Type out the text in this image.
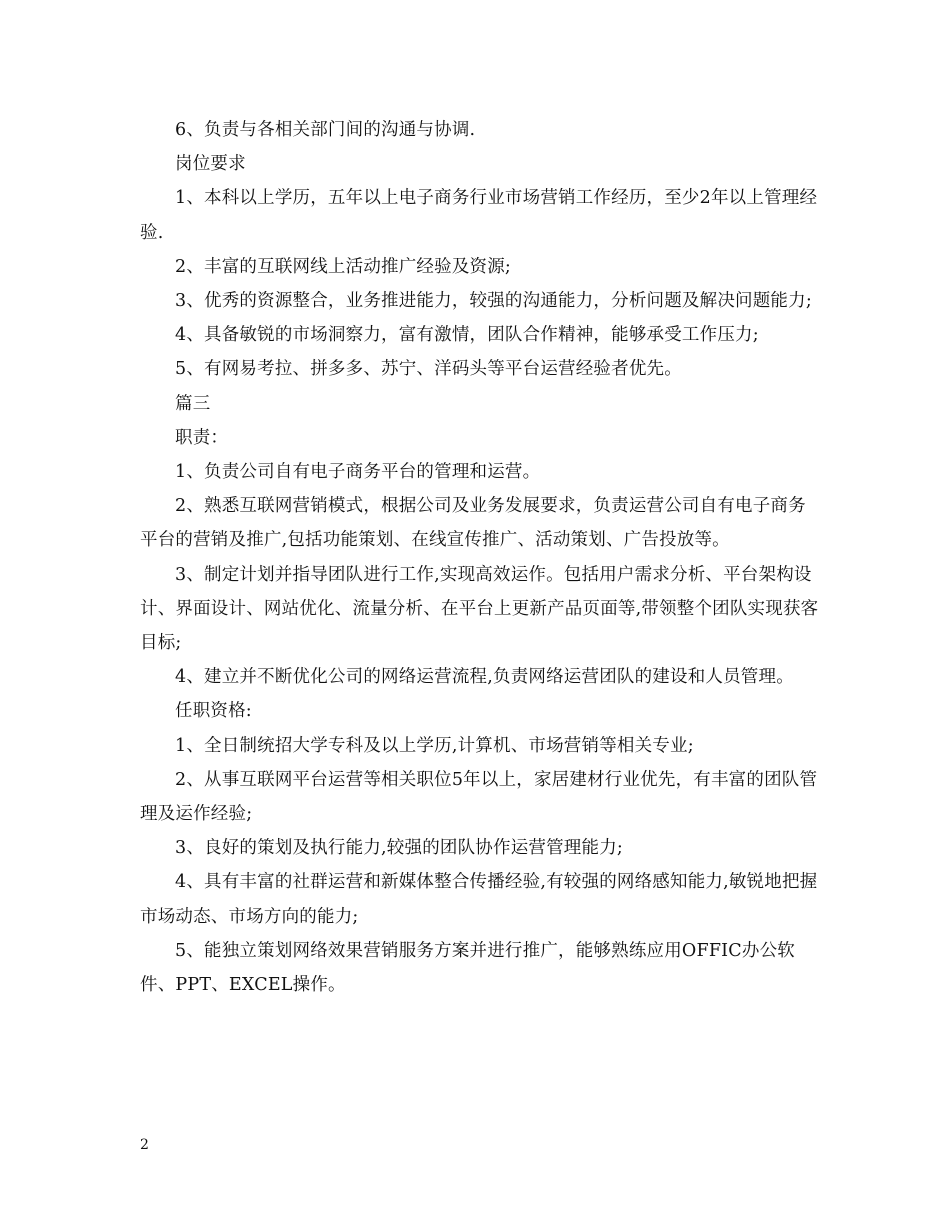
6、负责与各相关部门间的沟通与协调.

岗位要求

1、本科以上学历，五年以上电子商务行业市场营销工作经历，至少2年以上管理经验.

2、丰富的互联网线上活动推广经验及资源;

3、优秀的资源整合，业务推进能力，较强的沟通能力，分析问题及解决问题能力;

4、具备敏锐的市场洞察力，富有激情，团队合作精神，能够承受工作压力;

5、有网易考拉、拼多多、苏宁、洋码头等平台运营经验者优先。

篇三

职责：

1、负责公司自有电子商务平台的管理和运营。

2、熟悉互联网营销模式，根据公司及业务发展要求，负责运营公司自有电子商务平台的营销及推广,包括功能策划、在线宣传推广、活动策划、广告投放等。

3、制定计划并指导团队进行工作,实现高效运作。包括用户需求分析、平台架构设计、界面设计、网站优化、流量分析、在平台上更新产品页面等,带领整个团队实现获客目标;

4、建立并不断优化公司的网络运营流程,负责网络运营团队的建设和人员管理。

任职资格:

1、全日制统招大学专科及以上学历,计算机、市场营销等相关专业;

2、从事互联网平台运营等相关职位5年以上，家居建材行业优先，有丰富的团队管理及运作经验;

3、良好的策划及执行能力,较强的团队协作运营管理能力;

4、具有丰富的社群运营和新媒体整合传播经验,有较强的网络感知能力,敏锐地把握市场动态、市场方向的能力;

5、能独立策划网络效果营销服务方案并进行推广，能够熟练应用OFFIC办公软件、PPT、EXCEL操作。

2
